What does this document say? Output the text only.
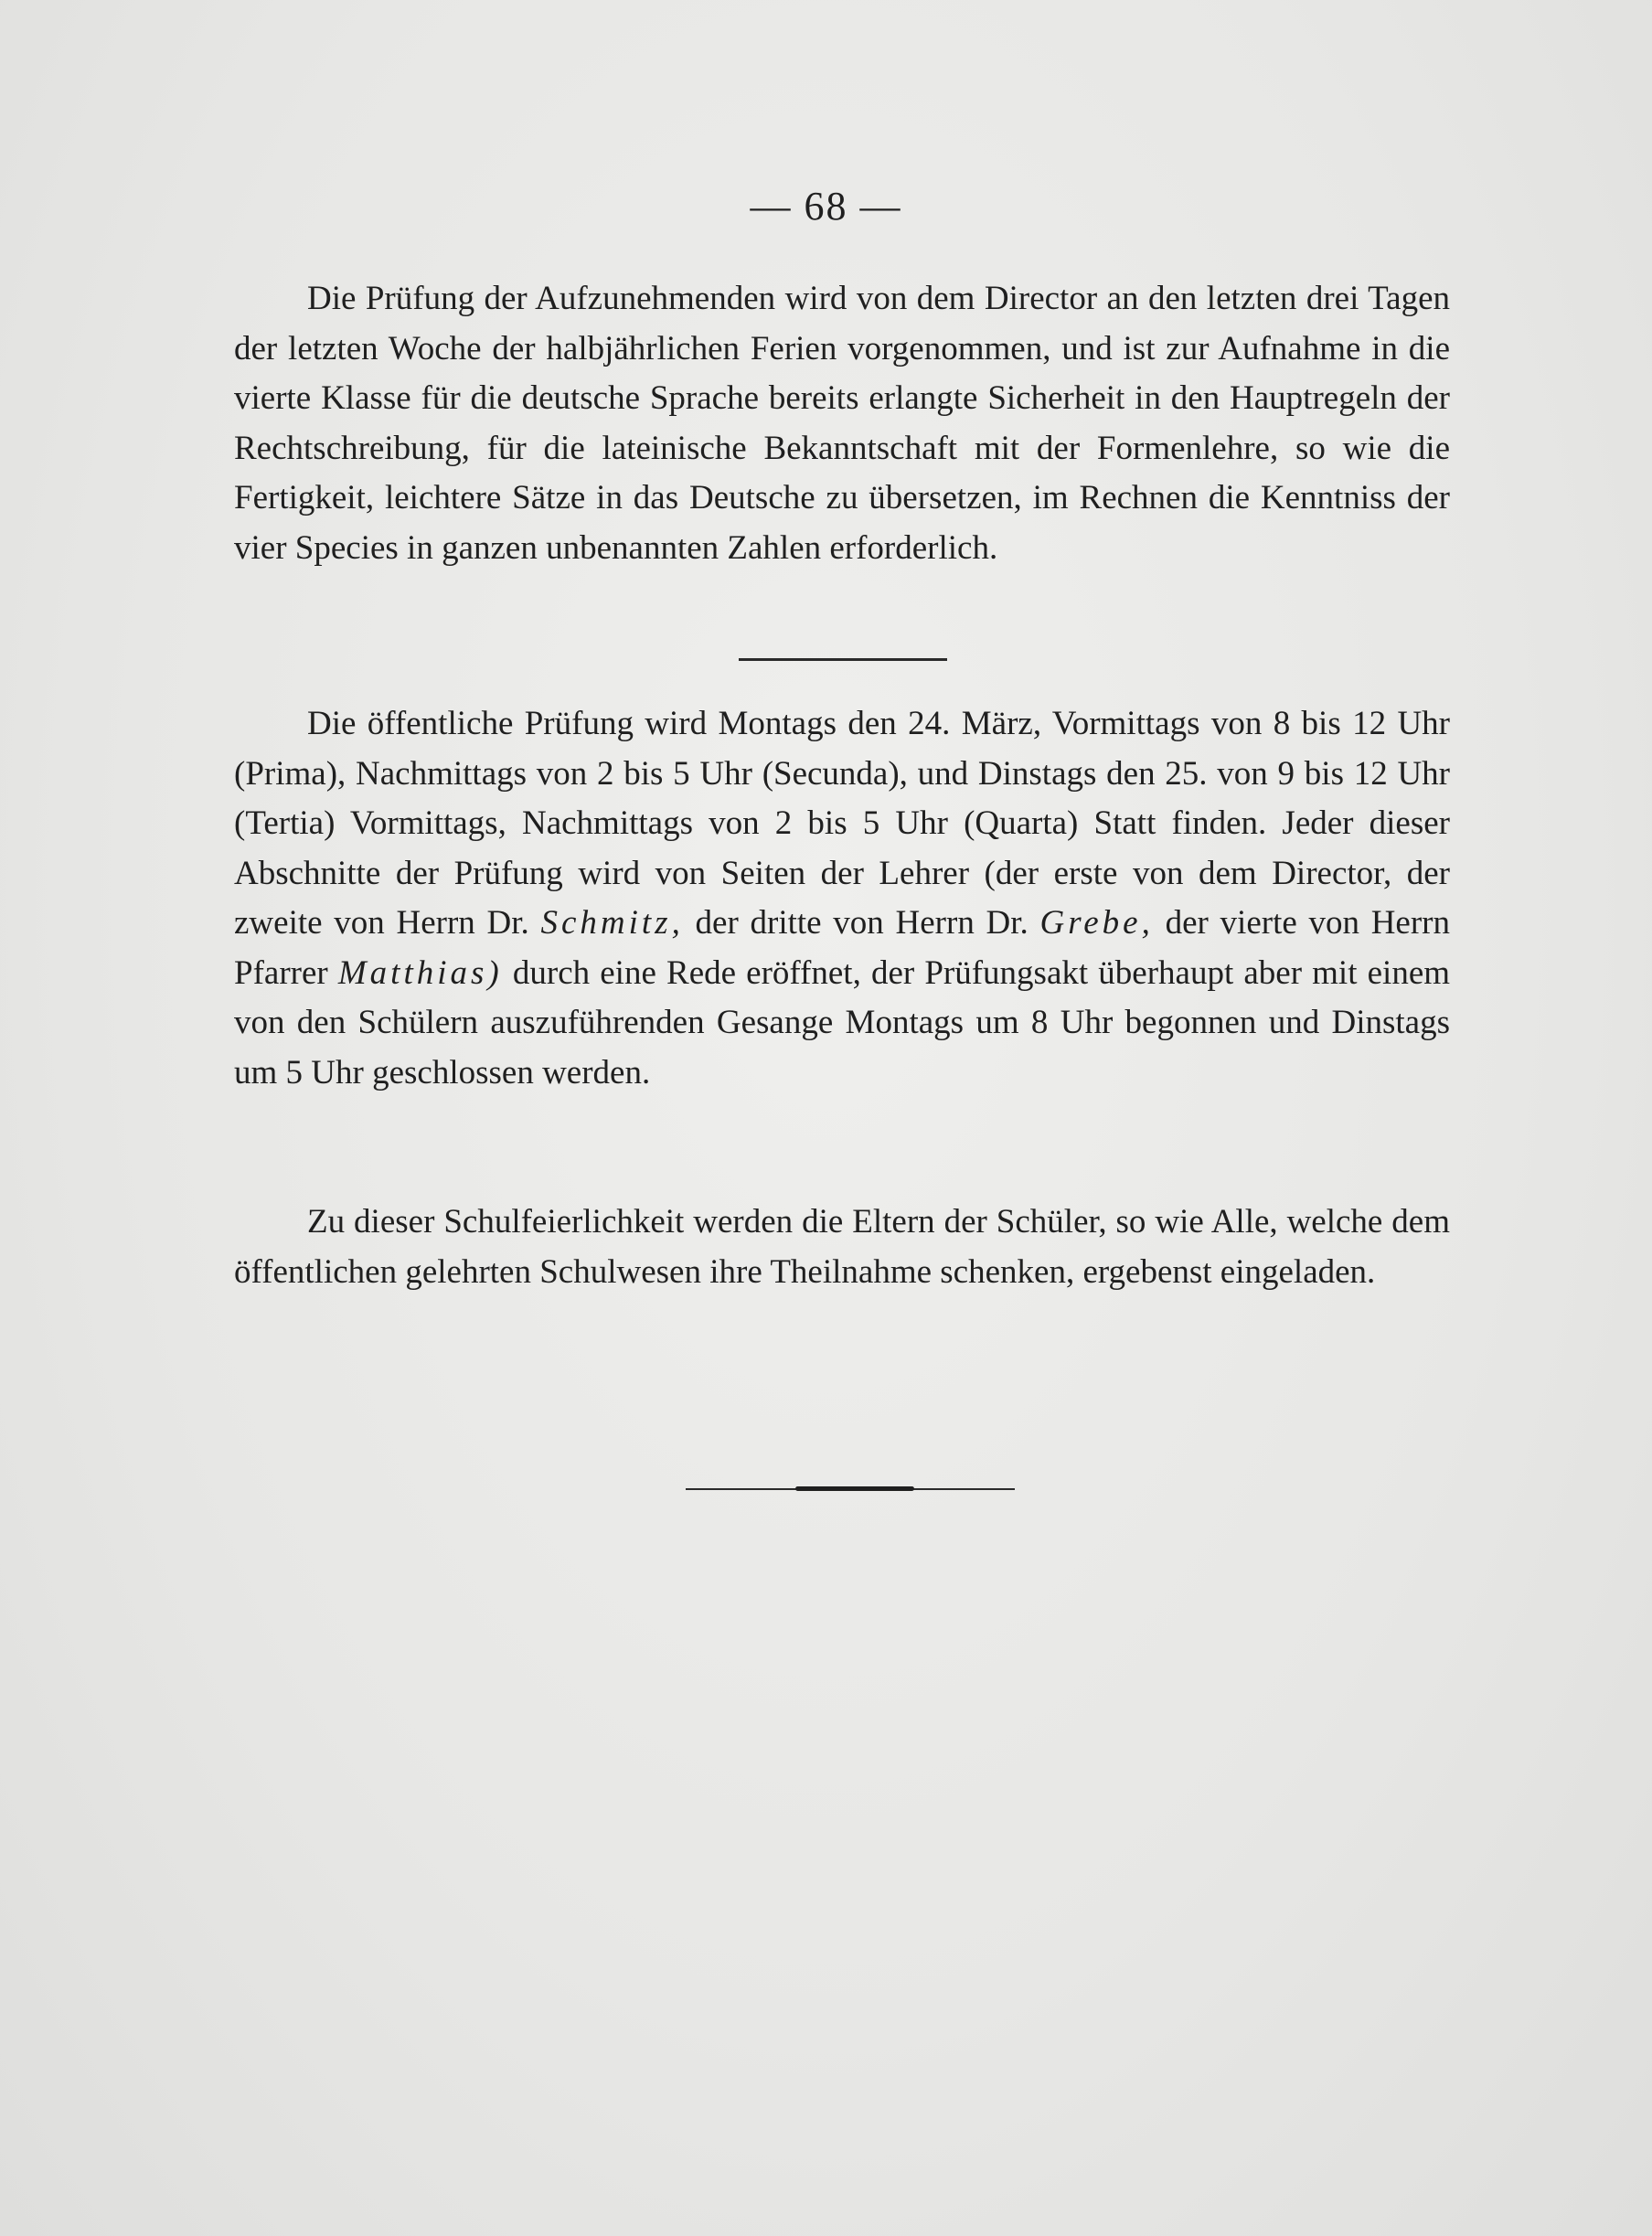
— 68 —

Die Prüfung der Aufzunehmenden wird von dem Director an den letzten drei Tagen der letzten Woche der halbjährlichen Ferien vorgenommen, und ist zur Aufnahme in die vierte Klasse für die deutsche Sprache bereits erlangte Sicherheit in den Hauptregeln der Rechtschreibung, für die lateinische Bekanntschaft mit der Formenlehre, so wie die Fertigkeit, leichtere Sätze in das Deutsche zu übersetzen, im Rechnen die Kenntniss der vier Species in ganzen unbenannten Zahlen erforderlich.

Die öffentliche Prüfung wird Montags den 24. März, Vormittags von 8 bis 12 Uhr (Prima), Nachmittags von 2 bis 5 Uhr (Secunda), und Dinstags den 25. von 9 bis 12 Uhr (Tertia) Vormittags, Nachmittags von 2 bis 5 Uhr (Quarta) Statt finden. Jeder dieser Abschnitte der Prüfung wird von Seiten der Lehrer (der erste von dem Director, der zweite von Herrn Dr. Schmitz, der dritte von Herrn Dr. Grebe, der vierte von Herrn Pfarrer Matthias) durch eine Rede eröffnet, der Prüfungsakt überhaupt aber mit einem von den Schülern auszuführenden Gesange Montags um 8 Uhr begonnen und Dinstags um 5 Uhr geschlossen werden.

Zu dieser Schulfeierlichkeit werden die Eltern der Schüler, so wie Alle, welche dem öffentlichen gelehrten Schulwesen ihre Theilnahme schenken, ergebenst eingeladen.
